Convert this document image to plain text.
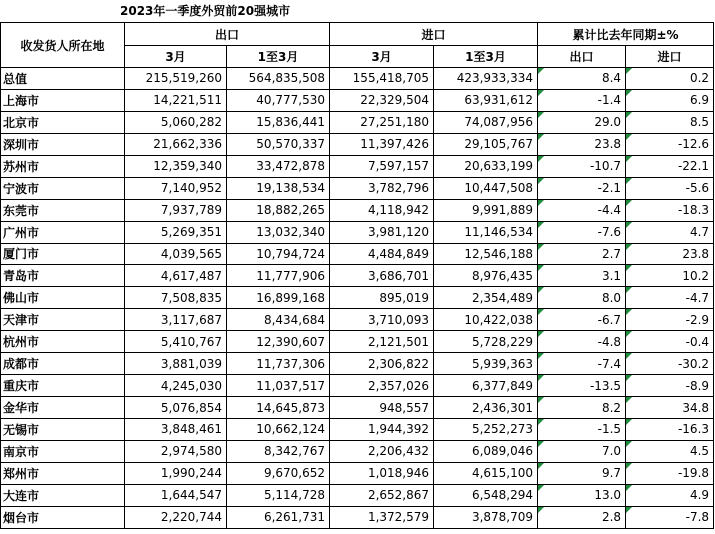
2023年一季度外贸前20强城市
收发货人所在地	出口		进口		累计比去年同期±%	
	3月	1至3月	3月	1至3月	出口	进口
总值	215,519,260	564,835,508	155,418,705	423,933,334	8.4	0.2
上海市	14,221,511	40,777,530	22,329,504	63,931,612	-1.4	6.9
北京市	5,060,282	15,836,441	27,251,180	74,087,956	29.0	8.5
深圳市	21,662,336	50,570,337	11,397,426	29,105,767	23.8	-12.6
苏州市	12,359,340	33,472,878	7,597,157	20,633,199	-10.7	-22.1
宁波市	7,140,952	19,138,534	3,782,796	10,447,508	-2.1	-5.6
东莞市	7,937,789	18,882,265	4,118,942	9,991,889	-4.4	-18.3
广州市	5,269,351	13,032,340	3,981,120	11,146,534	-7.6	4.7
厦门市	4,039,565	10,794,724	4,484,849	12,546,188	2.7	23.8
青岛市	4,617,487	11,777,906	3,686,701	8,976,435	3.1	10.2
佛山市	7,508,835	16,899,168	895,019	2,354,489	8.0	-4.7
天津市	3,117,687	8,434,684	3,710,093	10,422,038	-6.7	-2.9
杭州市	5,410,767	12,390,607	2,121,501	5,728,229	-4.8	-0.4
成都市	3,881,039	11,737,306	2,306,822	5,939,363	-7.4	-30.2
重庆市	4,245,030	11,037,517	2,357,026	6,377,849	-13.5	-8.9
金华市	5,076,854	14,645,873	948,557	2,436,301	8.2	34.8
无锡市	3,848,461	10,662,124	1,944,392	5,252,273	-1.5	-16.3
南京市	2,974,580	8,342,767	2,206,432	6,089,046	7.0	4.5
郑州市	1,990,244	9,670,652	1,018,946	4,615,100	9.7	-19.8
大连市	1,644,547	5,114,728	2,652,867	6,548,294	13.0	4.9
烟台市	2,220,744	6,261,731	1,372,579	3,878,709	2.8	-7.8
